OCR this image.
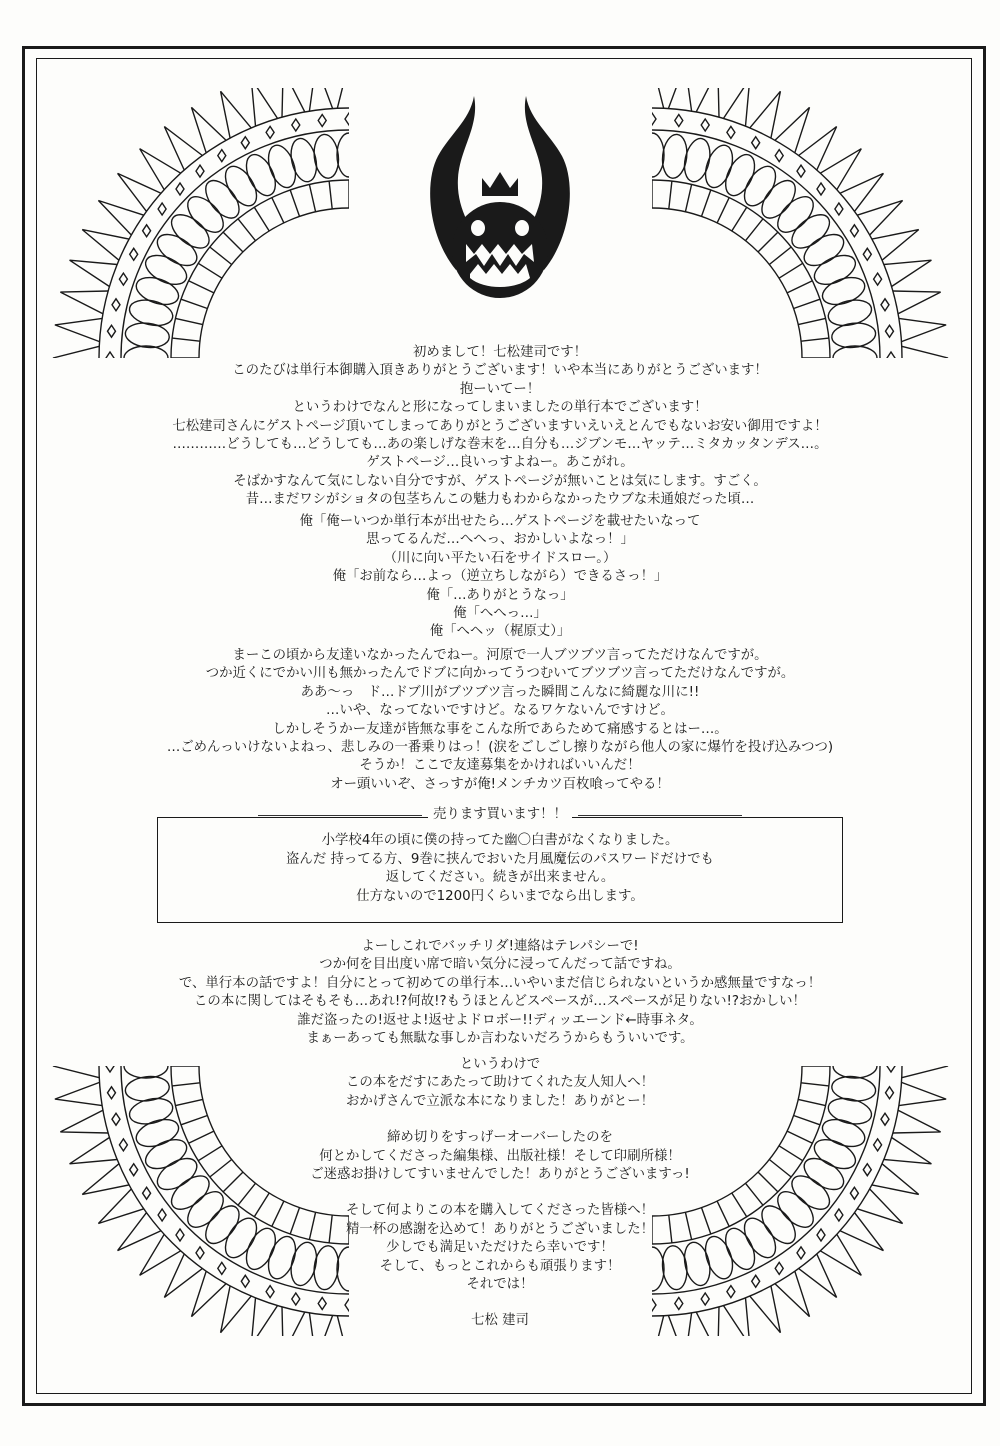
初めまして！七松建司です！

このたびは単行本御購入頂きありがとうございます！いや本当にありがとうございます！

抱ーいてー！

というわけでなんと形になってしまいましたの単行本でございます！

七松建司さんにゲストページ頂いてしまってありがとうございますいえいえとんでもないお安い御用ですよ！

…………どうしても…どうしても…あの楽しげな巻末を…自分も…ジブンモ…ヤッテ…ミタカッタンデス…。

ゲストページ…良いっすよねー。あこがれ。

そばかすなんて気にしない自分ですが、ゲストページが無いことは気にします。すごく。

昔…まだワシがショタの包茎ちんこの魅力もわからなかったウブな未通娘だった頃…

俺「俺ーいつか単行本が出せたら…ゲストページを載せたいなって

思ってるんだ…へへっ、おかしいよなっ！」

（川に向い平たい石をサイドスロー。）

俺「お前なら…よっ（逆立ちしながら）できるさっ！」

俺「…ありがとうなっ」

俺「へへっ…」

俺「へヘッ（梶原丈）」

まーこの頃から友達いなかったんでねー。河原で一人ブツブツ言ってただけなんですが。

つか近くにでかい川も無かったんでドブに向かってうつむいてブツブツ言ってただけなんですが。

ああ～っ　ド…ドブ川がブツブツ言った瞬間こんなに綺麗な川に!!

…いや、なってないですけど。なるワケないんですけど。

しかしそうかー友達が皆無な事をこんな所であらためて痛感するとはー…。

…ごめんっいけないよねっ、悲しみの一番乗りはっ！(涙をごしごし擦りながら他人の家に爆竹を投げ込みつつ)

そうか！ここで友達募集をかければいいんだ！

オー頭いいぞ、さっすが俺!メンチカツ百枚喰ってやる！

小学校4年の頃に僕の持ってた幽〇白書がなくなりました。

盗んだ 持ってる方、9巻に挟んでおいた月風魔伝のパスワードだけでも

返してください。続きが出来ません。

仕方ないので1200円くらいまでなら出します。

売ります買います！！

よーしこれでバッチリダ!連絡はテレパシーで!

つか何を目出度い席で暗い気分に浸ってんだって話ですね。

で、単行本の話ですよ！自分にとって初めての単行本…いやいまだ信じられないというか感無量ですなっ！

この本に関してはそもそも…あれ!?何故!?もうほとんどスペースが…スペースが足りない!?おかしい！

誰だ盗ったの!返せよ!返せよドロボー!!ディッエーンド←時事ネタ。

まぁーあっても無駄な事しか言わないだろうからもういいです。

というわけで

この本をだすにあたって助けてくれた友人知人へ！

おかげさんで立派な本になりました！ありがとー！

締め切りをすっげーオーバーしたのを

何とかしてくださった編集様、出版社様！そして印刷所様！

ご迷惑お掛けしてすいませんでした！ありがとうございますっ!

そして何よりこの本を購入してくださった皆様へ！

精一杯の感謝を込めて！ありがとうございました！

少しでも満足いただけたら幸いです！

そして、もっとこれからも頑張ります！

それでは！

七松 建司
